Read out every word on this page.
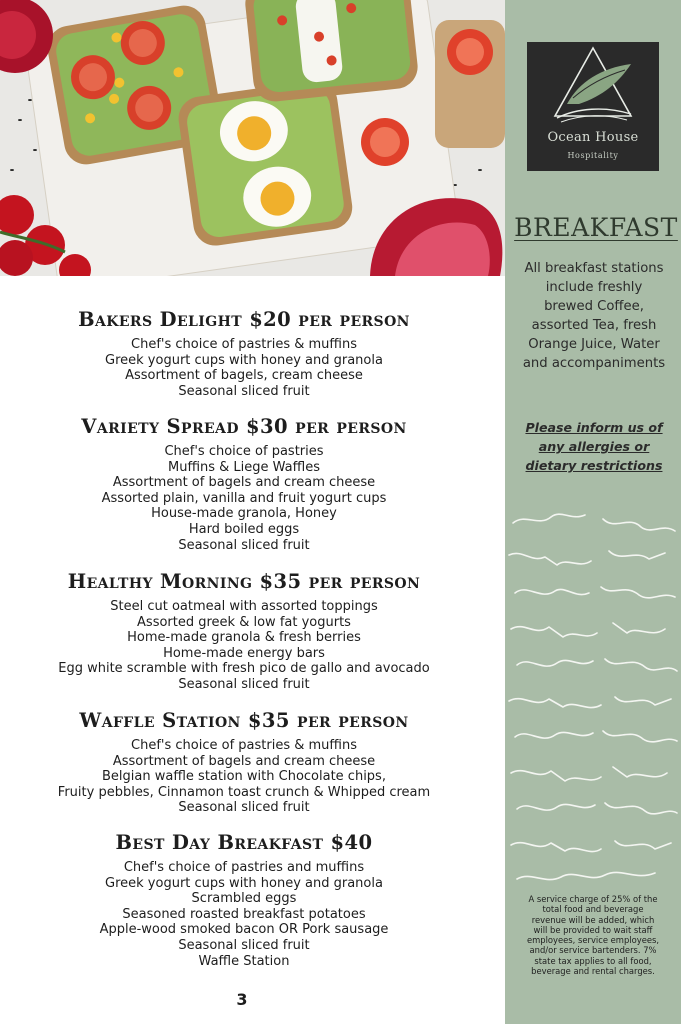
Ocean House
Hospitality
BREAKFAST
All breakfast stations include freshly brewed Coffee, assorted Tea, fresh Orange Juice, Water and accompaniments
Please inform us of any allergies or dietary restrictions
A service charge of 25% of the total food and beverage revenue will be added, which will be provided to wait staff employees, service employees, and/or service bartenders. 7% state tax applies to all food, beverage and rental charges.
Bakers Delight $20 per person
Chef's choice of pastries & muffins
Greek yogurt cups with honey and granola
Assortment of bagels, cream cheese
Seasonal sliced fruit
Variety Spread $30 per person
Chef's choice of pastries
Muffins & Liege Waffles
Assortment of bagels and cream cheese
Assorted plain, vanilla and fruit yogurt cups
House-made granola, Honey
Hard boiled eggs
Seasonal sliced fruit
Healthy Morning $35 per person
Steel cut oatmeal with assorted toppings
Assorted greek & low fat yogurts
Home-made granola & fresh berries
Home-made energy bars
Egg white scramble with fresh pico de gallo and avocado
Seasonal sliced fruit
Waffle Station $35 per person
Chef's choice of pastries & muffins
Assortment of bagels and cream cheese
Belgian waffle station with Chocolate chips,
Fruity pebbles, Cinnamon toast crunch & Whipped cream
Seasonal sliced fruit
Best Day Breakfast $40
Chef's choice of pastries and muffins
Greek yogurt cups with honey and granola
Scrambled eggs
Seasoned roasted breakfast potatoes
Apple-wood smoked bacon OR Pork sausage
Seasonal sliced fruit
Waffle Station
3
